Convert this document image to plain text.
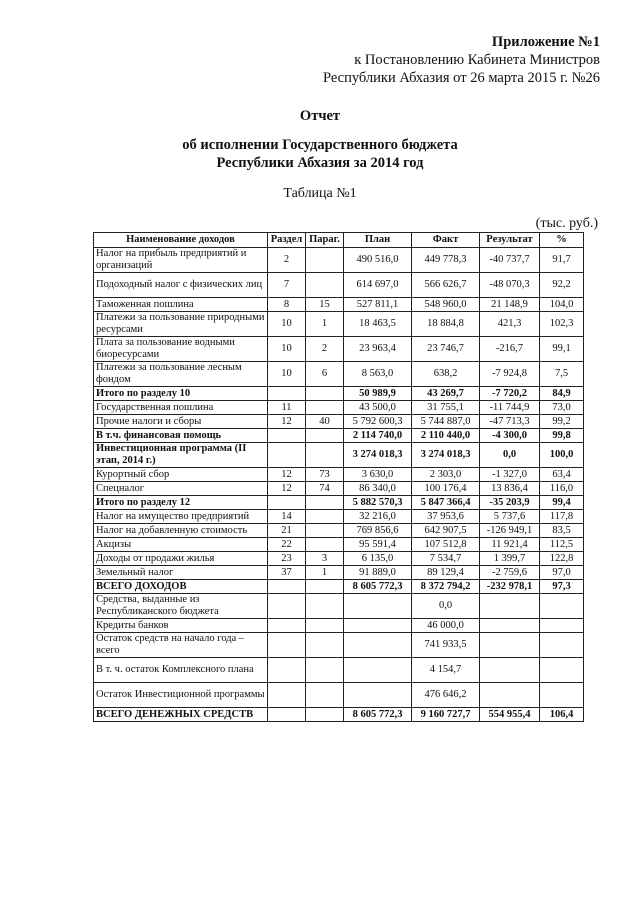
Приложение №1
к Постановлению Кабинета Министров
Республики Абхазия от 26 марта 2015 г. №26
Отчет
об исполнении Государственного бюджета
Республики Абхазия за 2014 год
Таблица №1
(тыс. руб.)
Наименование доходов	Раздел	Параг.	План	Факт	Результат	%
Налог на прибыль предприятий и организаций	2		490 516,0	449 778,3	-40 737,7	91,7
Подоходный налог с физических лиц	7		614 697,0	566 626,7	-48 070,3	92,2
Таможенная пошлина	8	15	527 811,1	548 960,0	21 148,9	104,0
Платежи за пользование природными ресурсами	10	1	18 463,5	18 884,8	421,3	102,3
Плата за пользование водными биоресурсами	10	2	23 963,4	23 746,7	-216,7	99,1
Платежи за пользование лесным фондом	10	6	8 563,0	638,2	-7 924,8	7,5
Итого по разделу 10			50 989,9	43 269,7	-7 720,2	84,9
Государственная пошлина	11		43 500,0	31 755,1	-11 744,9	73,0
Прочие налоги и сборы	12	40	5 792 600,3	5 744 887,0	-47 713,3	99,2
В т.ч. финансовая помощь			2 114 740,0	2 110 440,0	-4 300,0	99,8
Инвестиционная программа (II этап, 2014 г.)			3 274 018,3	3 274 018,3	0,0	100,0
Курортный сбор	12	73	3 630,0	2 303,0	-1 327,0	63,4
Спецналог	12	74	86 340,0	100 176,4	13 836,4	116,0
Итого по разделу 12			5 882 570,3	5 847 366,4	-35 203,9	99,4
Налог на имущество предприятий	14		32 216,0	37 953,6	5 737,6	117,8
Налог на добавленную стоимость	21		769 856,6	642 907,5	-126 949,1	83,5
Акцизы	22		95 591,4	107 512,8	11 921,4	112,5
Доходы от продажи жилья	23	3	6 135,0	7 534,7	1 399,7	122,8
Земельный налог	37	1	91 889,0	89 129,4	-2 759,6	97,0
ВСЕГО ДОХОДОВ			8 605 772,3	8 372 794,2	-232 978,1	97,3
Средства, выданные из Республиканского бюджета				0,0		
Кредиты банков				46 000,0		
Остаток средств на начало года – всего				741 933,5		
В т. ч. остаток Комплексного плана				4 154,7		
Остаток Инвестиционной программы				476 646,2		
ВСЕГО ДЕНЕЖНЫХ СРЕДСТВ			8 605 772,3	9 160 727,7	554 955,4	106,4
